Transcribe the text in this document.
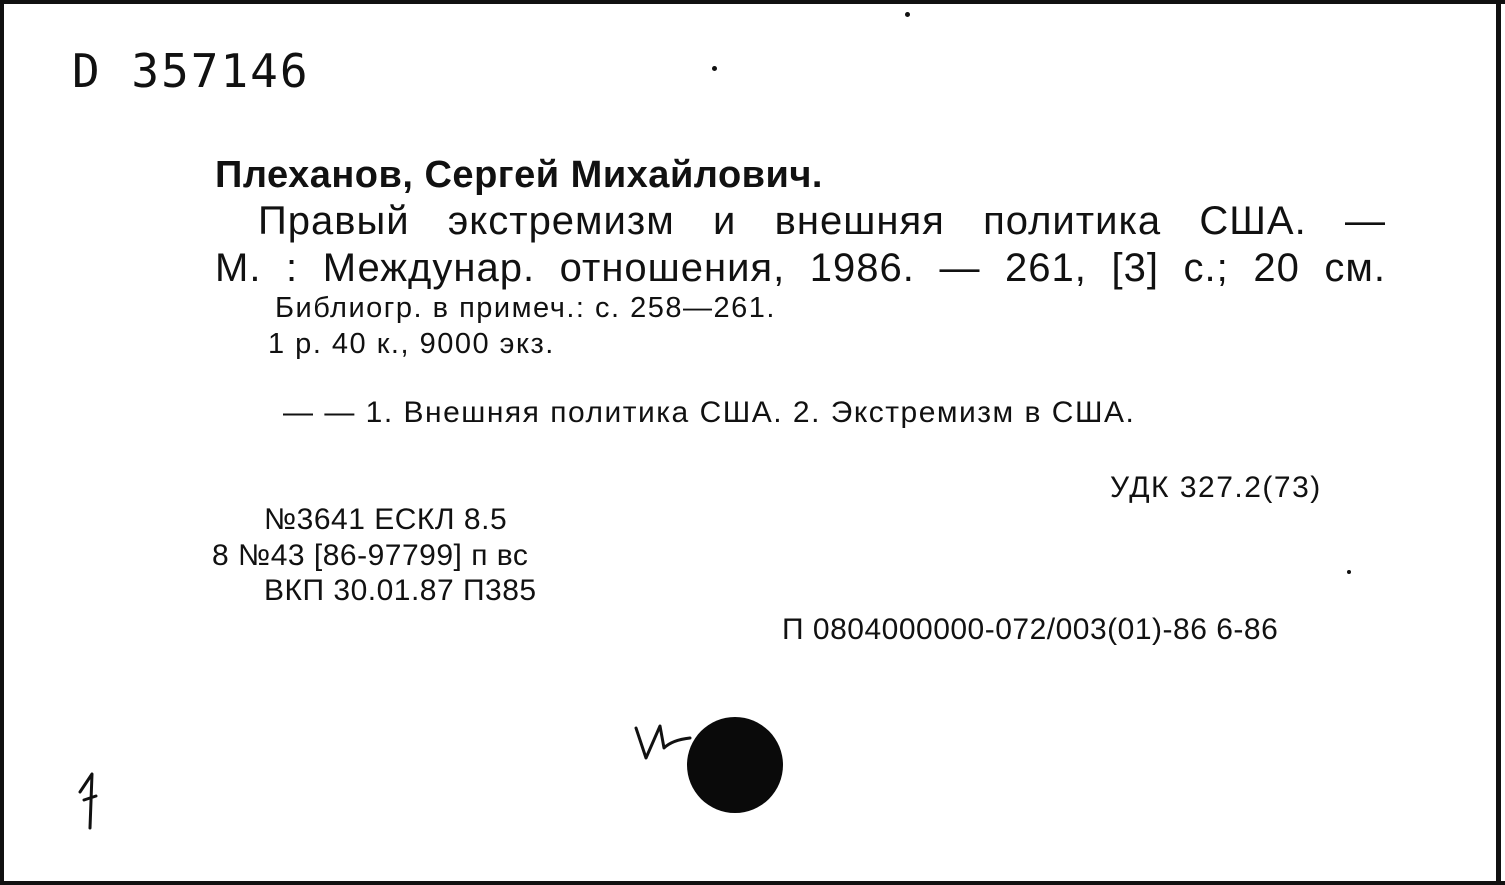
D 357146
Плеханов, Сергей Михайлович.
Правый экстремизм и внешняя политика США. —
М. : Междунар. отношения, 1986. — 261, [3] с.; 20 см.
Библиогр. в примеч.: с. 258—261.
1 р. 40 к., 9000 экз.
— — 1. Внешняя политика США. 2. Экстремизм в США.
УДК 327.2(73)
№3641 ЕСКЛ 8.5
8 №43 [86-97799] п вс
ВКП 30.01.87 П385
П 0804000000-072/003(01)-86 6-86
